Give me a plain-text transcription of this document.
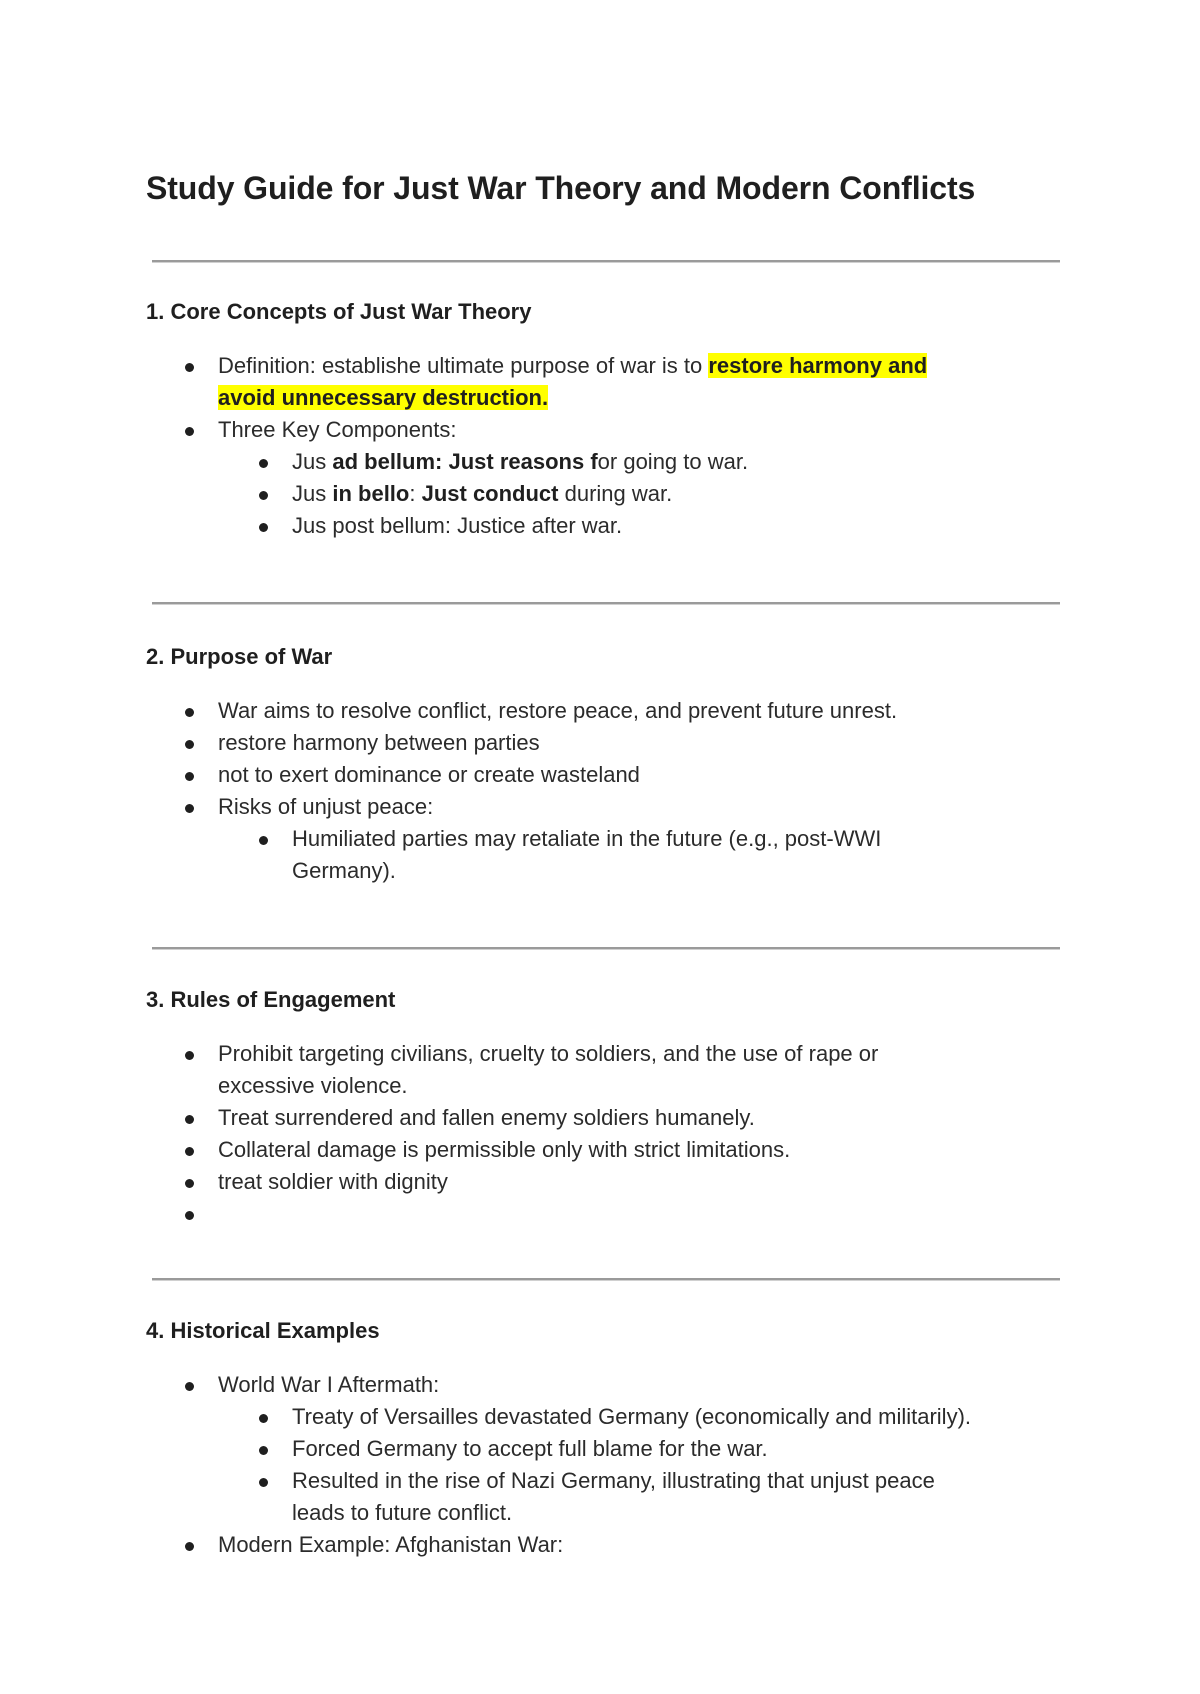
Study Guide for Just War Theory and Modern Conflicts
1. Core Concepts of Just War Theory
Definition: establishe ultimate purpose of war is to restore harmony and
avoid unnecessary destruction.
Three Key Components:
Jus ad bellum: Just reasons for going to war.
Jus in bello: Just conduct during war.
Jus post bellum: Justice after war.
2. Purpose of War
War aims to resolve conflict, restore peace, and prevent future unrest.
restore harmony between parties
not to exert dominance or create wasteland
Risks of unjust peace:
Humiliated parties may retaliate in the future (e.g., post-WWI
Germany).
3. Rules of Engagement
Prohibit targeting civilians, cruelty to soldiers, and the use of rape or
excessive violence.
Treat surrendered and fallen enemy soldiers humanely.
Collateral damage is permissible only with strict limitations.
treat soldier with dignity
4. Historical Examples
World War I Aftermath:
Treaty of Versailles devastated Germany (economically and militarily).
Forced Germany to accept full blame for the war.
Resulted in the rise of Nazi Germany, illustrating that unjust peace
leads to future conflict.
Modern Example: Afghanistan War:
